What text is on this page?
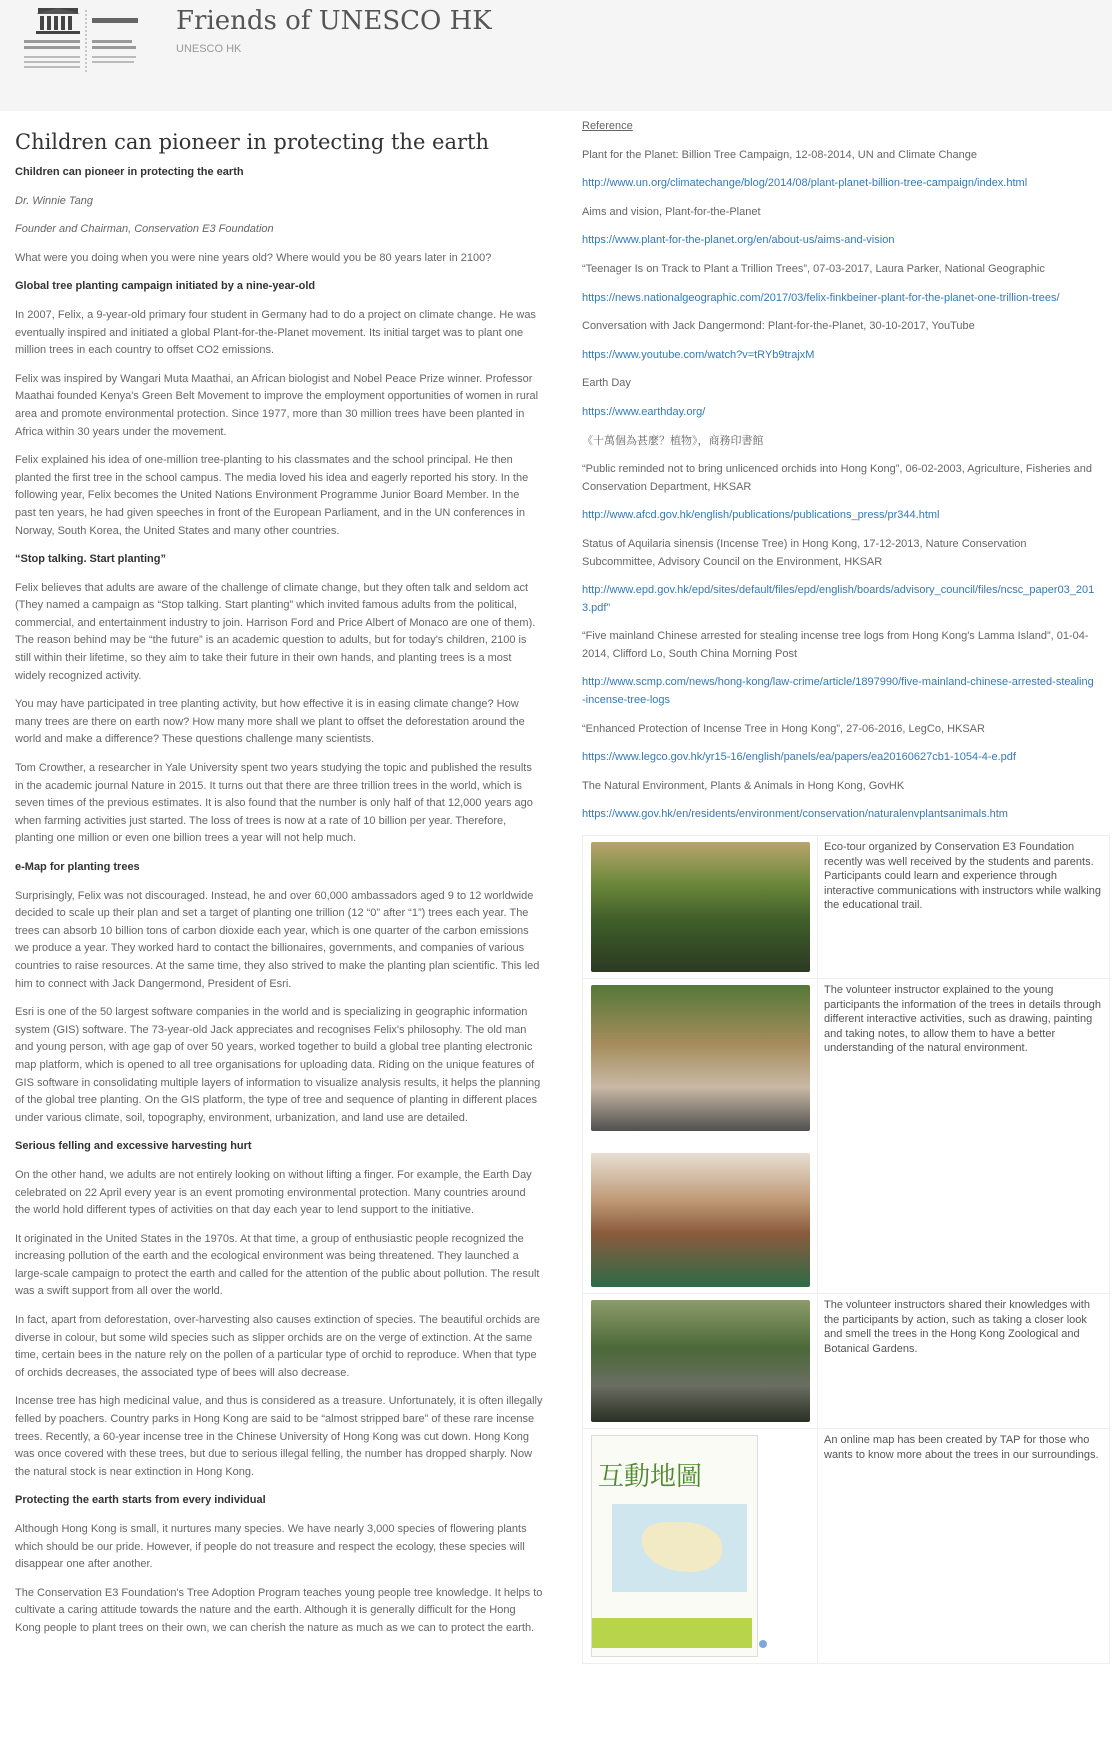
Friends of UNESCO HK
UNESCO HK
Children can pioneer in protecting the earth
Children can pioneer in protecting the earth

Dr. Winnie Tang

Founder and Chairman, Conservation E3 Foundation

What were you doing when you were nine years old? Where would you be 80 years later in 2100?

Global tree planting campaign initiated by a nine-year-old

In 2007, Felix, a 9-year-old primary four student in Germany had to do a project on climate change. He was eventually inspired and initiated a global Plant-for-the-Planet movement. Its initial target was to plant one million trees in each country to offset CO2 emissions.

Felix was inspired by Wangari Muta Maathai, an African biologist and Nobel Peace Prize winner. Professor Maathai founded Kenya's Green Belt Movement to improve the employment opportunities of women in rural area and promote environmental protection. Since 1977, more than 30 million trees have been planted in Africa within 30 years under the movement.

Felix explained his idea of one-million tree-planting to his classmates and the school principal. He then planted the first tree in the school campus. The media loved his idea and eagerly reported his story. In the following year, Felix becomes the United Nations Environment Programme Junior Board Member. In the past ten years, he had given speeches in front of the European Parliament, and in the UN conferences in Norway, South Korea, the United States and many other countries.

“Stop talking. Start planting”

Felix believes that adults are aware of the challenge of climate change, but they often talk and seldom act (They named a campaign as “Stop talking. Start planting” which invited famous adults from the political, commercial, and entertainment industry to join. Harrison Ford and Price Albert of Monaco are one of them). The reason behind may be “the future” is an academic question to adults, but for today's children, 2100 is still within their lifetime, so they aim to take their future in their own hands, and planting trees is a most widely recognized activity.

You may have participated in tree planting activity, but how effective it is in easing climate change? How many trees are there on earth now? How many more shall we plant to offset the deforestation around the world and make a difference? These questions challenge many scientists.

Tom Crowther, a researcher in Yale University spent two years studying the topic and published the results in the academic journal Nature in 2015. It turns out that there are three trillion trees in the world, which is seven times of the previous estimates. It is also found that the number is only half of that 12,000 years ago when farming activities just started. The loss of trees is now at a rate of 10 billion per year. Therefore, planting one million or even one billion trees a year will not help much.

e-Map for planting trees

Surprisingly, Felix was not discouraged. Instead, he and over 60,000 ambassadors aged 9 to 12 worldwide decided to scale up their plan and set a target of planting one trillion (12 “0” after “1”) trees each year. The trees can absorb 10 billion tons of carbon dioxide each year, which is one quarter of the carbon emissions we produce a year. They worked hard to contact the billionaires, governments, and companies of various countries to raise resources. At the same time, they also strived to make the planting plan scientific. This led him to connect with Jack Dangermond, President of Esri.

Esri is one of the 50 largest software companies in the world and is specializing in geographic information system (GIS) software. The 73-year-old Jack appreciates and recognises Felix's philosophy. The old man and young person, with age gap of over 50 years, worked together to build a global tree planting electronic map platform, which is opened to all tree organisations for uploading data. Riding on the unique features of GIS software in consolidating multiple layers of information to visualize analysis results, it helps the planning of the global tree planting. On the GIS platform, the type of tree and sequence of planting in different places under various climate, soil, topography, environment, urbanization, and land use are detailed.

Serious felling and excessive harvesting hurt

On the other hand, we adults are not entirely looking on without lifting a finger. For example, the Earth Day celebrated on 22 April every year is an event promoting environmental protection. Many countries around the world hold different types of activities on that day each year to lend support to the initiative.

It originated in the United States in the 1970s. At that time, a group of enthusiastic people recognized the increasing pollution of the earth and the ecological environment was being threatened. They launched a large-scale campaign to protect the earth and called for the attention of the public about pollution. The result was a swift support from all over the world.

In fact, apart from deforestation, over-harvesting also causes extinction of species. The beautiful orchids are diverse in colour, but some wild species such as slipper orchids are on the verge of extinction. At the same time, certain bees in the nature rely on the pollen of a particular type of orchid to reproduce. When that type of orchids decreases, the associated type of bees will also decrease.

Incense tree has high medicinal value, and thus is considered as a treasure. Unfortunately, it is often illegally felled by poachers. Country parks in Hong Kong are said to be “almost stripped bare” of these rare incense trees. Recently, a 60-year incense tree in the Chinese University of Hong Kong was cut down. Hong Kong was once covered with these trees, but due to serious illegal felling, the number has dropped sharply. Now the natural stock is near extinction in Hong Kong.

Protecting the earth starts from every individual

Although Hong Kong is small, it nurtures many species. We have nearly 3,000 species of flowering plants which should be our pride. However, if people do not treasure and respect the ecology, these species will disappear one after another.

The Conservation E3 Foundation's Tree Adoption Program teaches young people tree knowledge. It helps to cultivate a caring attitude towards the nature and the earth. Although it is generally difficult for the Hong Kong people to plant trees on their own, we can cherish the nature as much as we can to protect the earth.

Reference

Plant for the Planet: Billion Tree Campaign, 12-08-2014, UN and Climate Change

http://www.un.org/climatechange/blog/2014/08/plant-planet-billion-tree-campaign/index.html

Aims and vision, Plant-for-the-Planet

https://www.plant-for-the-planet.org/en/about-us/aims-and-vision

“Teenager Is on Track to Plant a Trillion Trees”, 07-03-2017, Laura Parker, National Geographic

https://news.nationalgeographic.com/2017/03/felix-finkbeiner-plant-for-the-planet-one-trillion-trees/

Conversation with Jack Dangermond: Plant-for-the-Planet, 30-10-2017, YouTube

https://www.youtube.com/watch?v=tRYb9trajxM

Earth Day

https://www.earthday.org/

《十萬個為甚麼？植物》，商務印書館

“Public reminded not to bring unlicenced orchids into Hong Kong”, 06-02-2003, Agriculture, Fisheries and Conservation Department, HKSAR

http://www.afcd.gov.hk/english/publications/publications_press/pr344.html

Status of Aquilaria sinensis (Incense Tree) in Hong Kong, 17-12-2013, Nature Conservation Subcommittee, Advisory Council on the Environment, HKSAR

http://www.epd.gov.hk/epd/sites/default/files/epd/english/boards/advisory_council/files/ncsc_paper03_2013.pdf”

“Five mainland Chinese arrested for stealing incense tree logs from Hong Kong's Lamma Island”, 01-04-2014, Clifford Lo, South China Morning Post

http://www.scmp.com/news/hong-kong/law-crime/article/1897990/five-mainland-chinese-arrested-stealing-incense-tree-logs

“Enhanced Protection of Incense Tree in Hong Kong”, 27-06-2016, LegCo, HKSAR

https://www.legco.gov.hk/yr15-16/english/panels/ea/papers/ea20160627cb1-1054-4-e.pdf

The Natural Environment, Plants & Animals in Hong Kong, GovHK

https://www.gov.hk/en/residents/environment/conservation/naturalenvplantsanimals.htm

Eco-tour organized by Conservation E3 Foundation recently was well received by the students and parents. Participants could learn and experience through interactive communications with instructors while walking the educational trail.
The volunteer instructor explained to the young participants the information of the trees in details through different interactive activities, such as drawing, painting and taking notes, to allow them to have a better understanding of the natural environment.
The volunteer instructors shared their knowledges with the participants by action, such as taking a closer look and smell the trees in the Hong Kong Zoological and Botanical Gardens.
互動地圖
An online map has been created by TAP for those who wants to know more about the trees in our surroundings.
